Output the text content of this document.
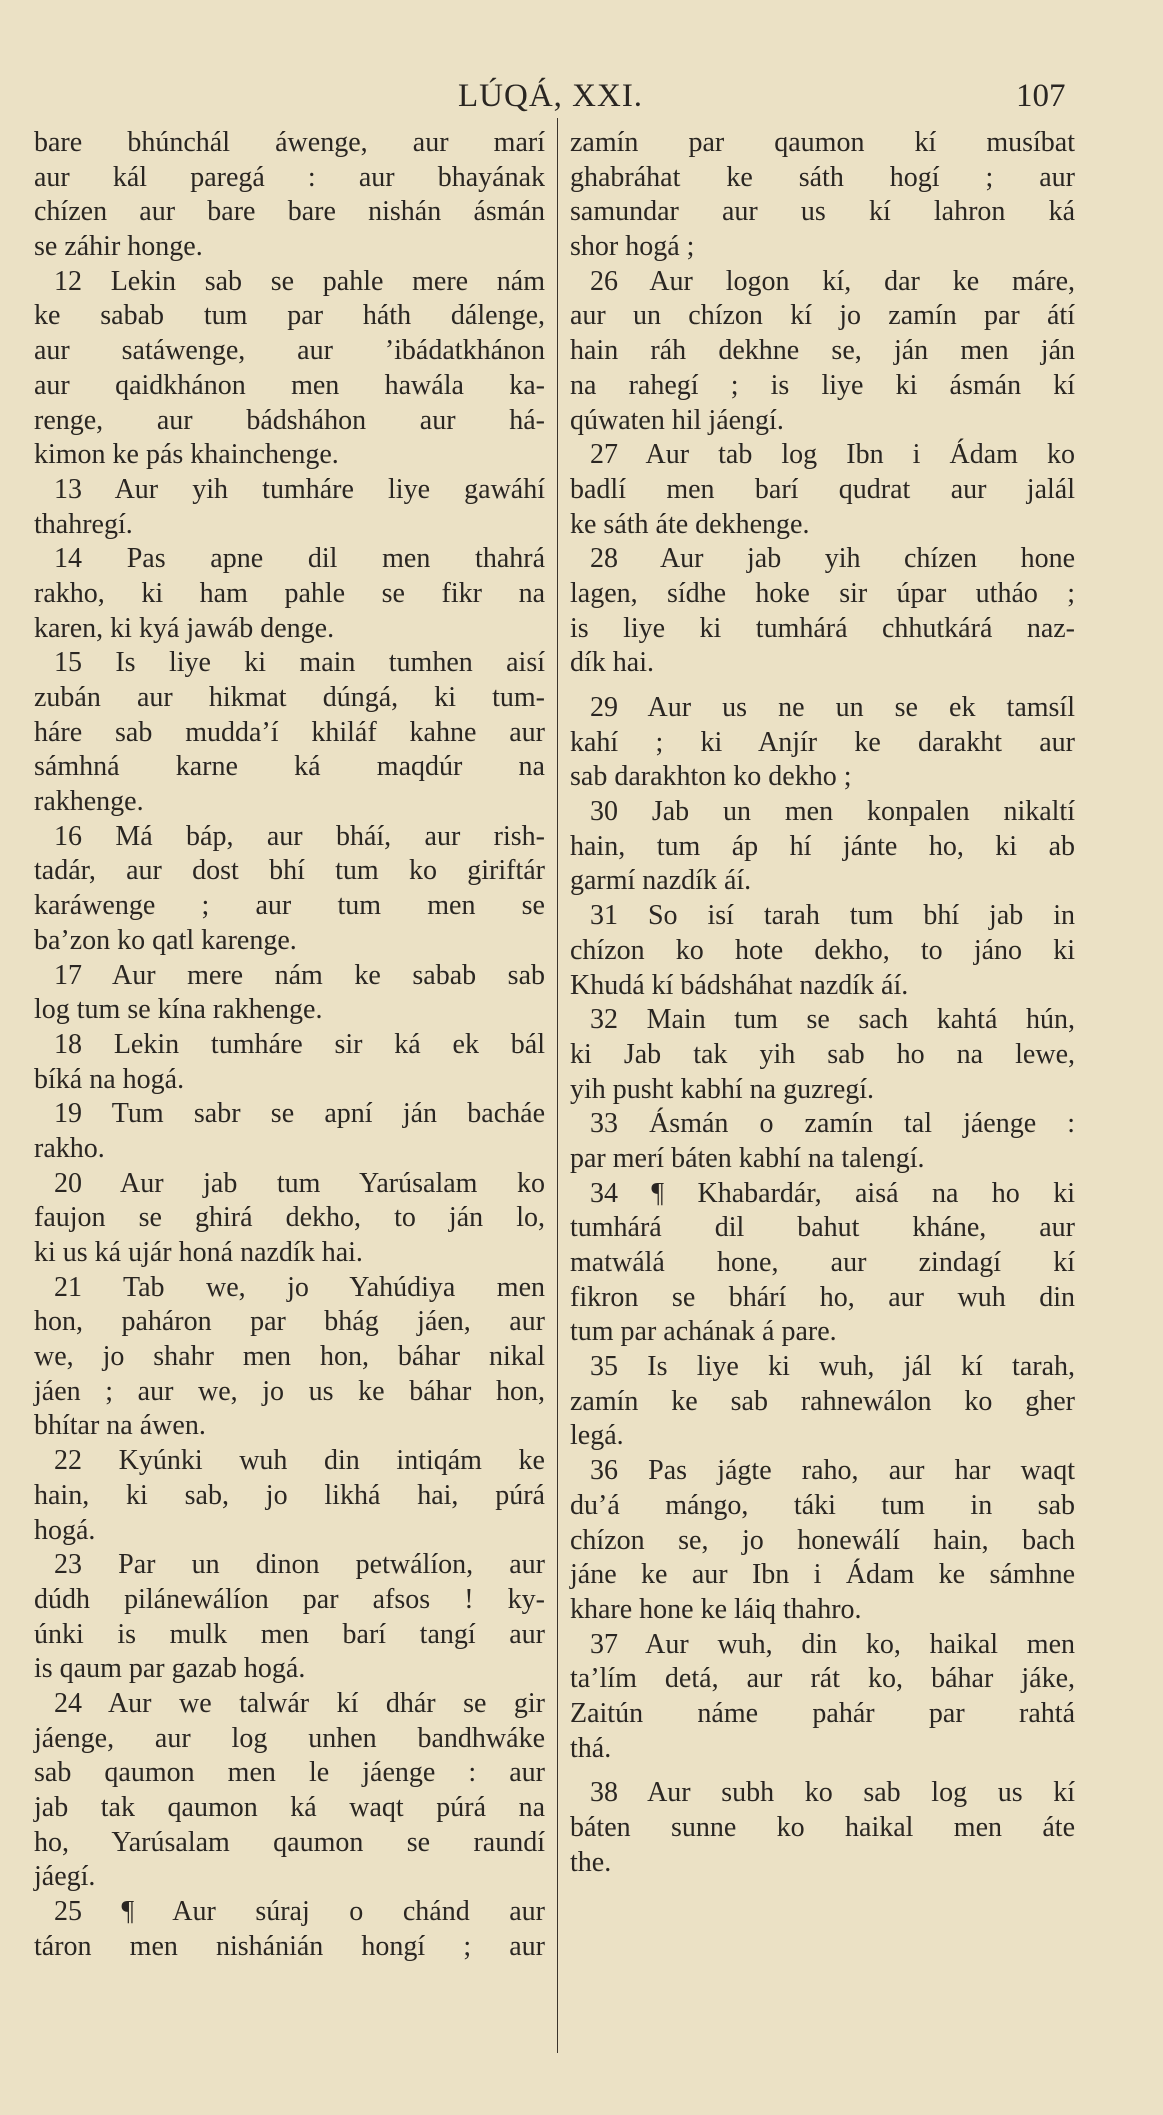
LÚQÁ, XXI.	107
bare bhúnchál áwenge, aur marí
aur kál paregá : aur bhayának
chízen aur bare bare nishán ásmán
se záhir honge.
12 Lekin sab se pahle mere nám
ke sabab tum par háth dálenge,
aur satáwenge, aur ’ibádatkhánon
aur qaidkhánon men hawála ka-
renge, aur bádsháhon aur há-
kimon ke pás khainchenge.
13 Aur yih tumháre liye gawáhí
thahregí.
14 Pas apne dil men thahrá
rakho, ki ham pahle se fikr na
karen, ki kyá jawáb denge.
15 Is liye ki main tumhen aisí
zubán aur hikmat dúngá, ki tum-
háre sab mudda’í khiláf kahne aur
sámhná karne ká maqdúr na
rakhenge.
16 Má báp, aur bháí, aur rish-
tadár, aur dost bhí tum ko giriftár
karáwenge ; aur tum men se
ba’zon ko qatl karenge.
17 Aur mere nám ke sabab sab
log tum se kína rakhenge.
18 Lekin tumháre sir ká ek bál
bíká na hogá.
19 Tum sabr se apní ján bacháe
rakho.
20 Aur jab tum Yarúsalam ko
faujon se ghirá dekho, to ján lo,
ki us ká ujár honá nazdík hai.
21 Tab we, jo Yahúdiya men
hon, paháron par bhág jáen, aur
we, jo shahr men hon, báhar nikal
jáen ; aur we, jo us ke báhar hon,
bhítar na áwen.
22 Kyúnki wuh din intiqám ke
hain, ki sab, jo likhá hai, púrá
hogá.
23 Par un dinon petwálíon, aur
dúdh pilánewálíon par afsos ! ky-
únki is mulk men barí tangí aur
is qaum par gazab hogá.
24 Aur we talwár kí dhár se gir
jáenge, aur log unhen bandhwáke
sab qaumon men le jáenge : aur
jab tak qaumon ká waqt púrá na
ho, Yarúsalam qaumon se raundí
jáegí.
25 ¶ Aur súraj o chánd aur
táron men nishánián hongí ; aur
zamín par qaumon kí musíbat
ghabráhat ke sáth hogí ; aur
samundar aur us kí lahron ká
shor hogá ;
26 Aur logon kí, dar ke máre,
aur un chízon kí jo zamín par átí
hain ráh dekhne se, ján men ján
na rahegí ; is liye ki ásmán kí
qúwaten hil jáengí.
27 Aur tab log Ibn i Ádam ko
badlí men barí qudrat aur jalál
ke sáth áte dekhenge.
28 Aur jab yih chízen hone
lagen, sídhe hoke sir úpar utháo ;
is liye ki tumhárá chhutkárá naz-
dík hai.
29 Aur us ne un se ek tamsíl
kahí ; ki Anjír ke darakht aur
sab darakhton ko dekho ;
30 Jab un men konpalen nikaltí
hain, tum áp hí jánte ho, ki ab
garmí nazdík áí.
31 So isí tarah tum bhí jab in
chízon ko hote dekho, to jáno ki
Khudá kí bádsháhat nazdík áí.
32 Main tum se sach kahtá hún,
ki Jab tak yih sab ho na lewe,
yih pusht kabhí na guzregí.
33 Ásmán o zamín tal jáenge :
par merí báten kabhí na talengí.
34 ¶ Khabardár, aisá na ho ki
tumhárá dil bahut kháne, aur
matwálá hone, aur zindagí kí
fikron se bhárí ho, aur wuh din
tum par achának á pare.
35 Is liye ki wuh, jál kí tarah,
zamín ke sab rahnewálon ko gher
legá.
36 Pas jágte raho, aur har waqt
du’á mángo, táki tum in sab
chízon se, jo honewálí hain, bach
jáne ke aur Ibn i Ádam ke sámhne
khare hone ke láiq thahro.
37 Aur wuh, din ko, haikal men
ta’lím detá, aur rát ko, báhar jáke,
Zaitún náme pahár par rahtá
thá.
38 Aur subh ko sab log us kí
báten sunne ko haikal men áte
the.
